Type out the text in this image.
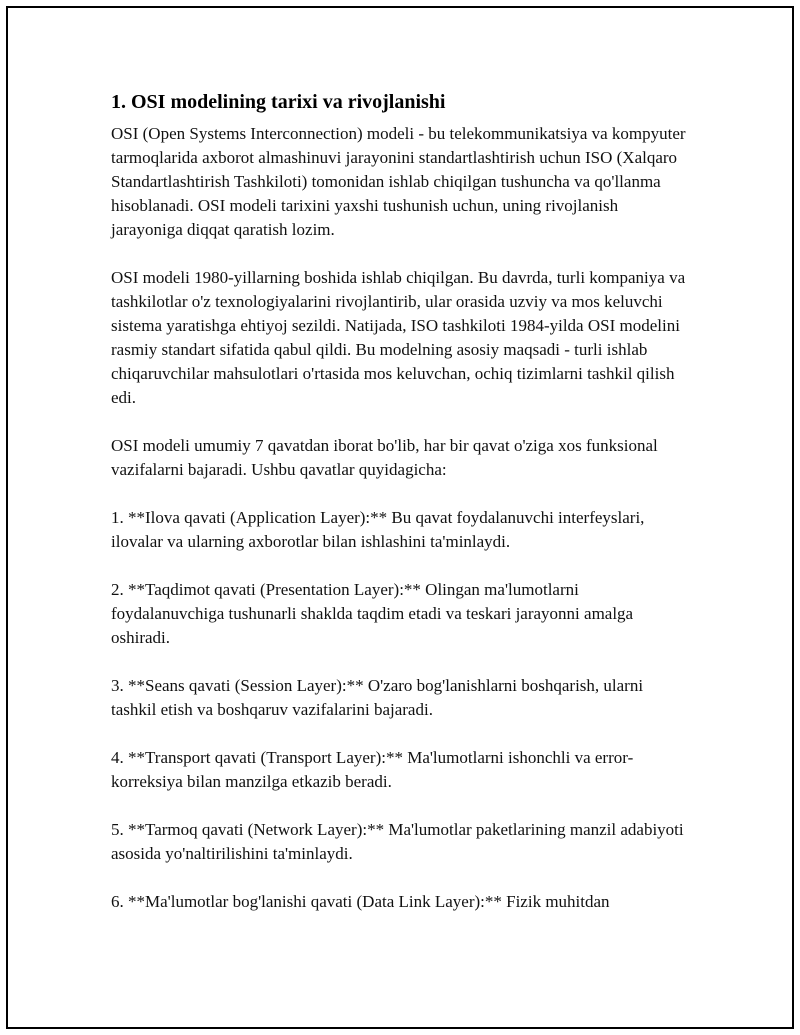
1. OSI modelining tarixi va rivojlanishi

OSI (Open Systems Interconnection) modeli - bu telekommunikatsiya va kompyuter tarmoqlarida axborot almashinuvi jarayonini standartlashtirish uchun ISO (Xalqaro Standartlashtirish Tashkiloti) tomonidan ishlab chiqilgan tushuncha va qo'llanma hisoblanadi. OSI modeli tarixini yaxshi tushunish uchun, uning rivojlanish jarayoniga diqqat qaratish lozim.

OSI modeli 1980-yillarning boshida ishlab chiqilgan. Bu davrda, turli kompaniya va tashkilotlar o'z texnologiyalarini rivojlantirib, ular orasida uzviy va mos keluvchi sistema yaratishga ehtiyoj sezildi. Natijada, ISO tashkiloti 1984-yilda OSI modelini rasmiy standart sifatida qabul qildi. Bu modelning asosiy maqsadi - turli ishlab chiqaruvchilar mahsulotlari o'rtasida mos keluvchan, ochiq tizimlarni tashkil qilish edi.

OSI modeli umumiy 7 qavatdan iborat bo'lib, har bir qavat o'ziga xos funksional vazifalarni bajaradi. Ushbu qavatlar quyidagicha:

1. **Ilova qavati (Application Layer):** Bu qavat foydalanuvchi interfeyslari, ilovalar va ularning axborotlar bilan ishlashini ta'minlaydi.

2. **Taqdimot qavati (Presentation Layer):** Olingan ma'lumotlarni foydalanuvchiga tushunarli shaklda taqdim etadi va teskari jarayonni amalga oshiradi.

3. **Seans qavati (Session Layer):** O'zaro bog'lanishlarni boshqarish, ularni tashkil etish va boshqaruv vazifalarini bajaradi.

4. **Transport qavati (Transport Layer):** Ma'lumotlarni ishonchli va error-korreksiya bilan manzilga etkazib beradi.

5. **Tarmoq qavati (Network Layer):** Ma'lumotlar paketlarining manzil adabiyoti asosida yo'naltirilishini ta'minlaydi.

6. **Ma'lumotlar bog'lanishi qavati (Data Link Layer):** Fizik muhitdan
